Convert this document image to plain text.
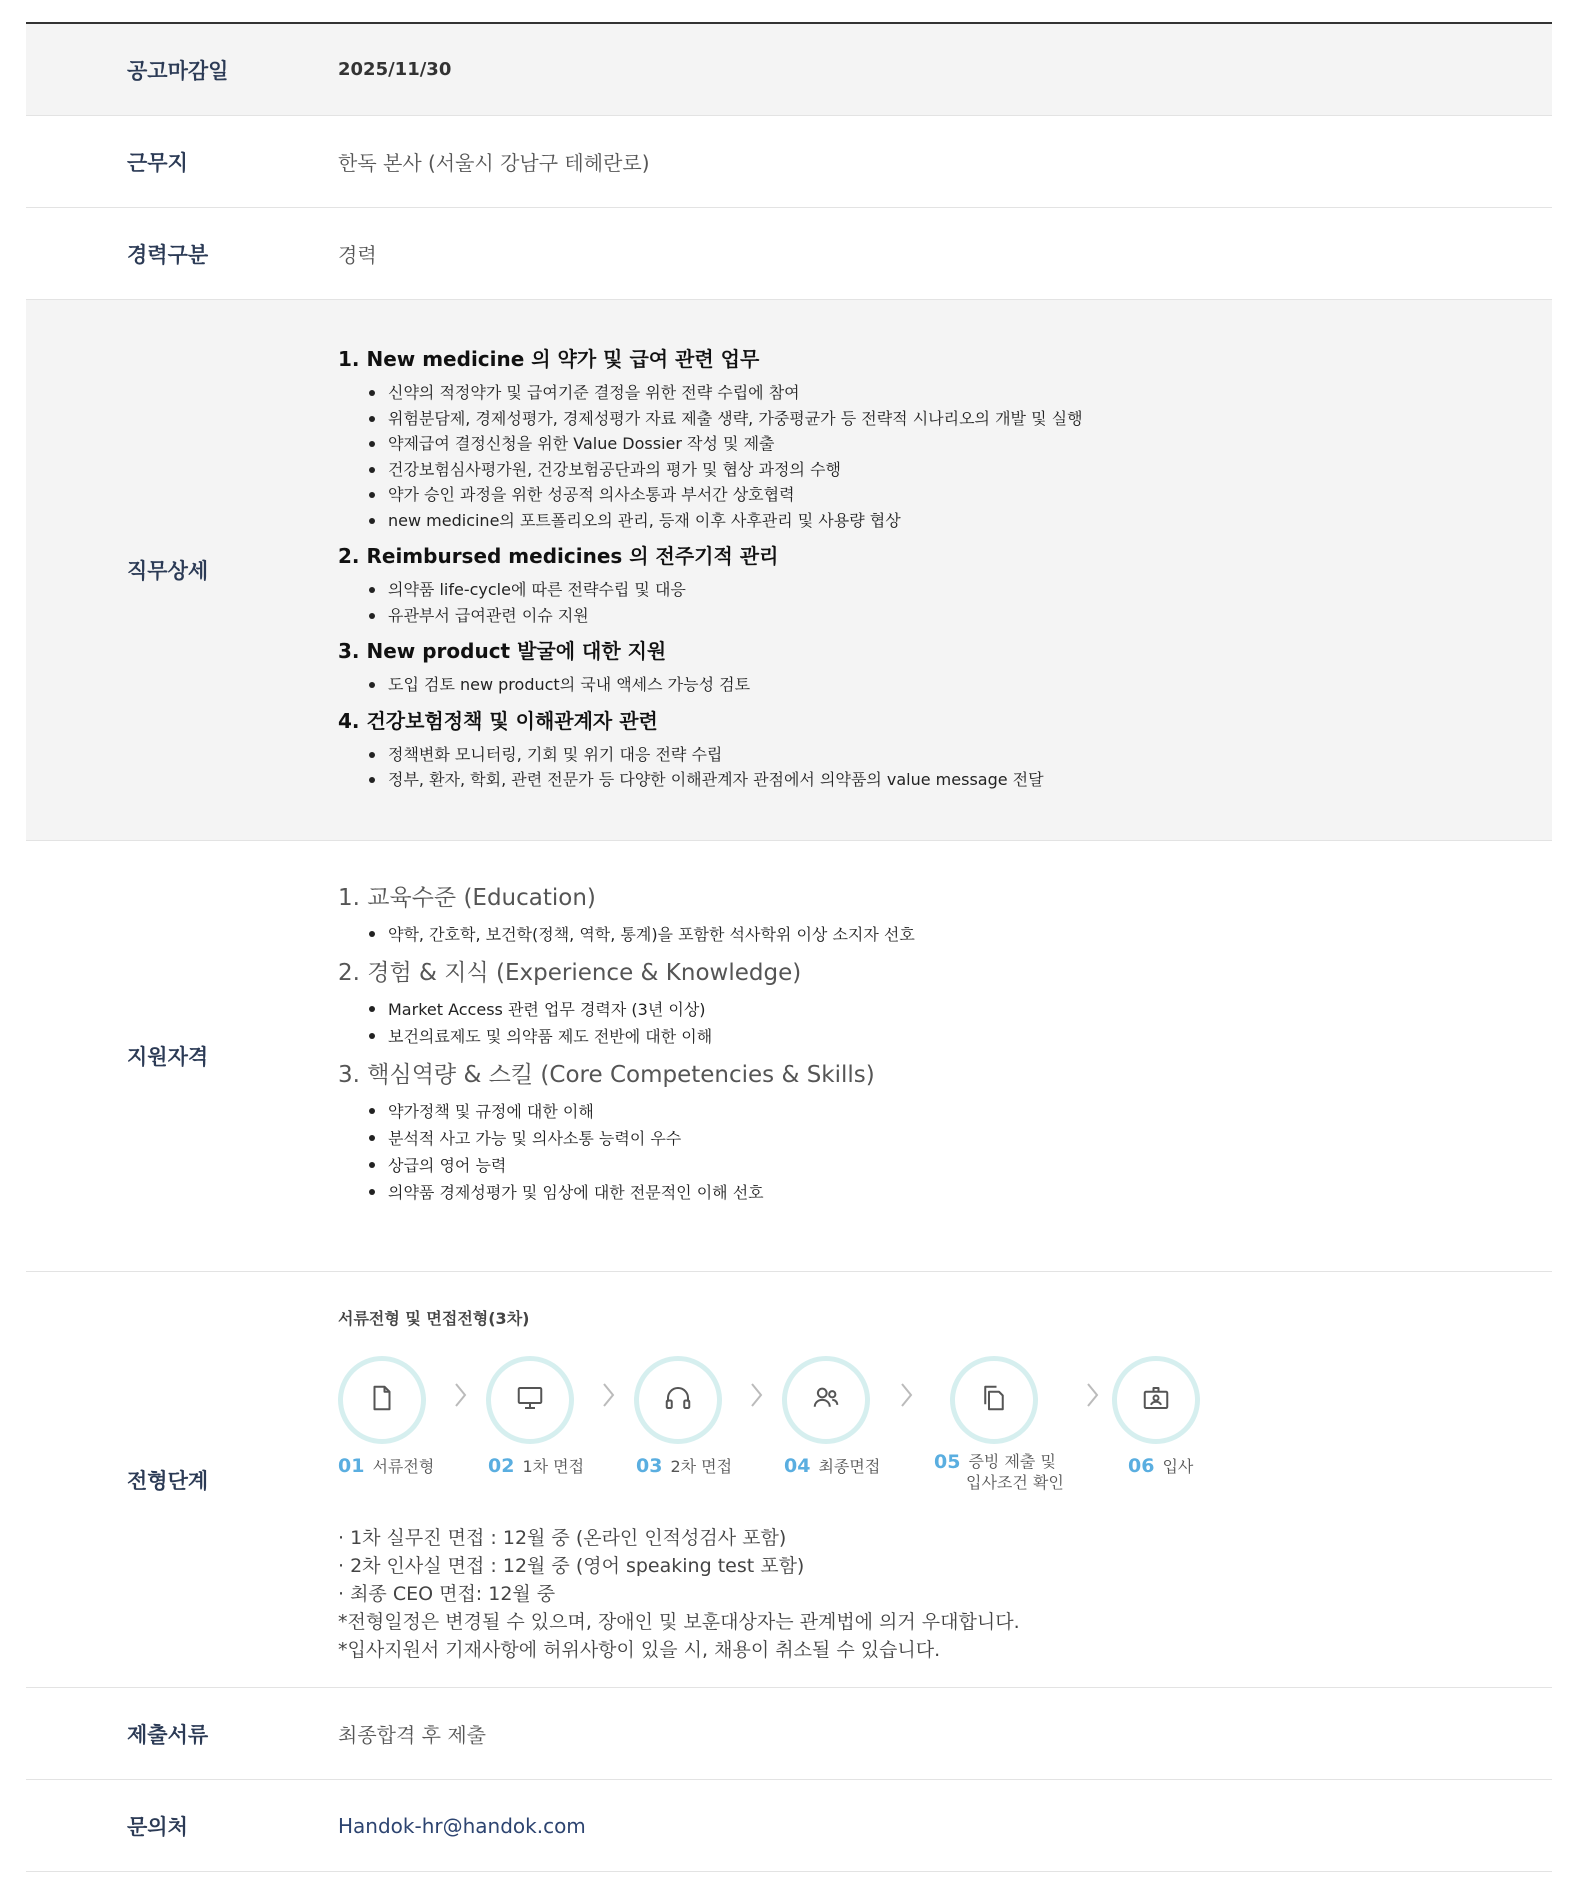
공고마감일	2025/11/30
근무지	한독 본사 (서울시 강남구 테헤란로)
경력구분	경력
직무상세
1. New medicine 의 약가 및 급여 관련 업무
신약의 적정약가 및 급여기준 결정을 위한 전략 수립에 참여
위험분담제, 경제성평가, 경제성평가 자료 제출 생략, 가중평균가 등 전략적 시나리오의 개발 및 실행
약제급여 결정신청을 위한 Value Dossier 작성 및 제출
건강보험심사평가원, 건강보험공단과의 평가 및 협상 과정의 수행
약가 승인 과정을 위한 성공적 의사소통과 부서간 상호협력
new medicine의 포트폴리오의 관리, 등재 이후 사후관리 및 사용량 협상
2. Reimbursed medicines 의 전주기적 관리
의약품 life-cycle에 따른 전략수립 및 대응
유관부서 급여관련 이슈 지원
3. New product 발굴에 대한 지원
도입 검토 new product의 국내 액세스 가능성 검토
4. 건강보험정책 및 이해관계자 관련
정책변화 모니터링, 기회 및 위기 대응 전략 수립
정부, 환자, 학회, 관련 전문가 등 다양한 이해관계자 관점에서 의약품의 value message 전달
지원자격
1. 교육수준 (Education)
약학, 간호학, 보건학(정책, 역학, 통계)을 포함한 석사학위 이상 소지자 선호
2. 경험 & 지식 (Experience & Knowledge)
Market Access 관련 업무 경력자 (3년 이상)
보건의료제도 및 의약품 제도 전반에 대한 이해
3. 핵심역량 & 스킬 (Core Competencies & Skills)
약가정책 및 규정에 대한 이해
분석적 사고 가능 및 의사소통 능력이 우수
상급의 영어 능력
의약품 경제성평가 및 임상에 대한 전문적인 이해 선호
전형단계
서류전형 및 면접전형(3차)
01 서류전형	02 1차 면접	03 2차 면접	04 최종면접	05 증빙 제출 및
입사조건 확인
06 입사
· 1차 실무진 면접 : 12월 중 (온라인 인적성검사 포함)
· 2차 인사실 면접 : 12월 중 (영어 speaking test 포함)
· 최종 CEO 면접: 12월 중
*전형일정은 변경될 수 있으며, 장애인 및 보훈대상자는 관계법에 의거 우대합니다.
*입사지원서 기재사항에 허위사항이 있을 시, 채용이 취소될 수 있습니다.
제출서류	최종합격 후 제출
문의처	Handok-hr@handok.com
